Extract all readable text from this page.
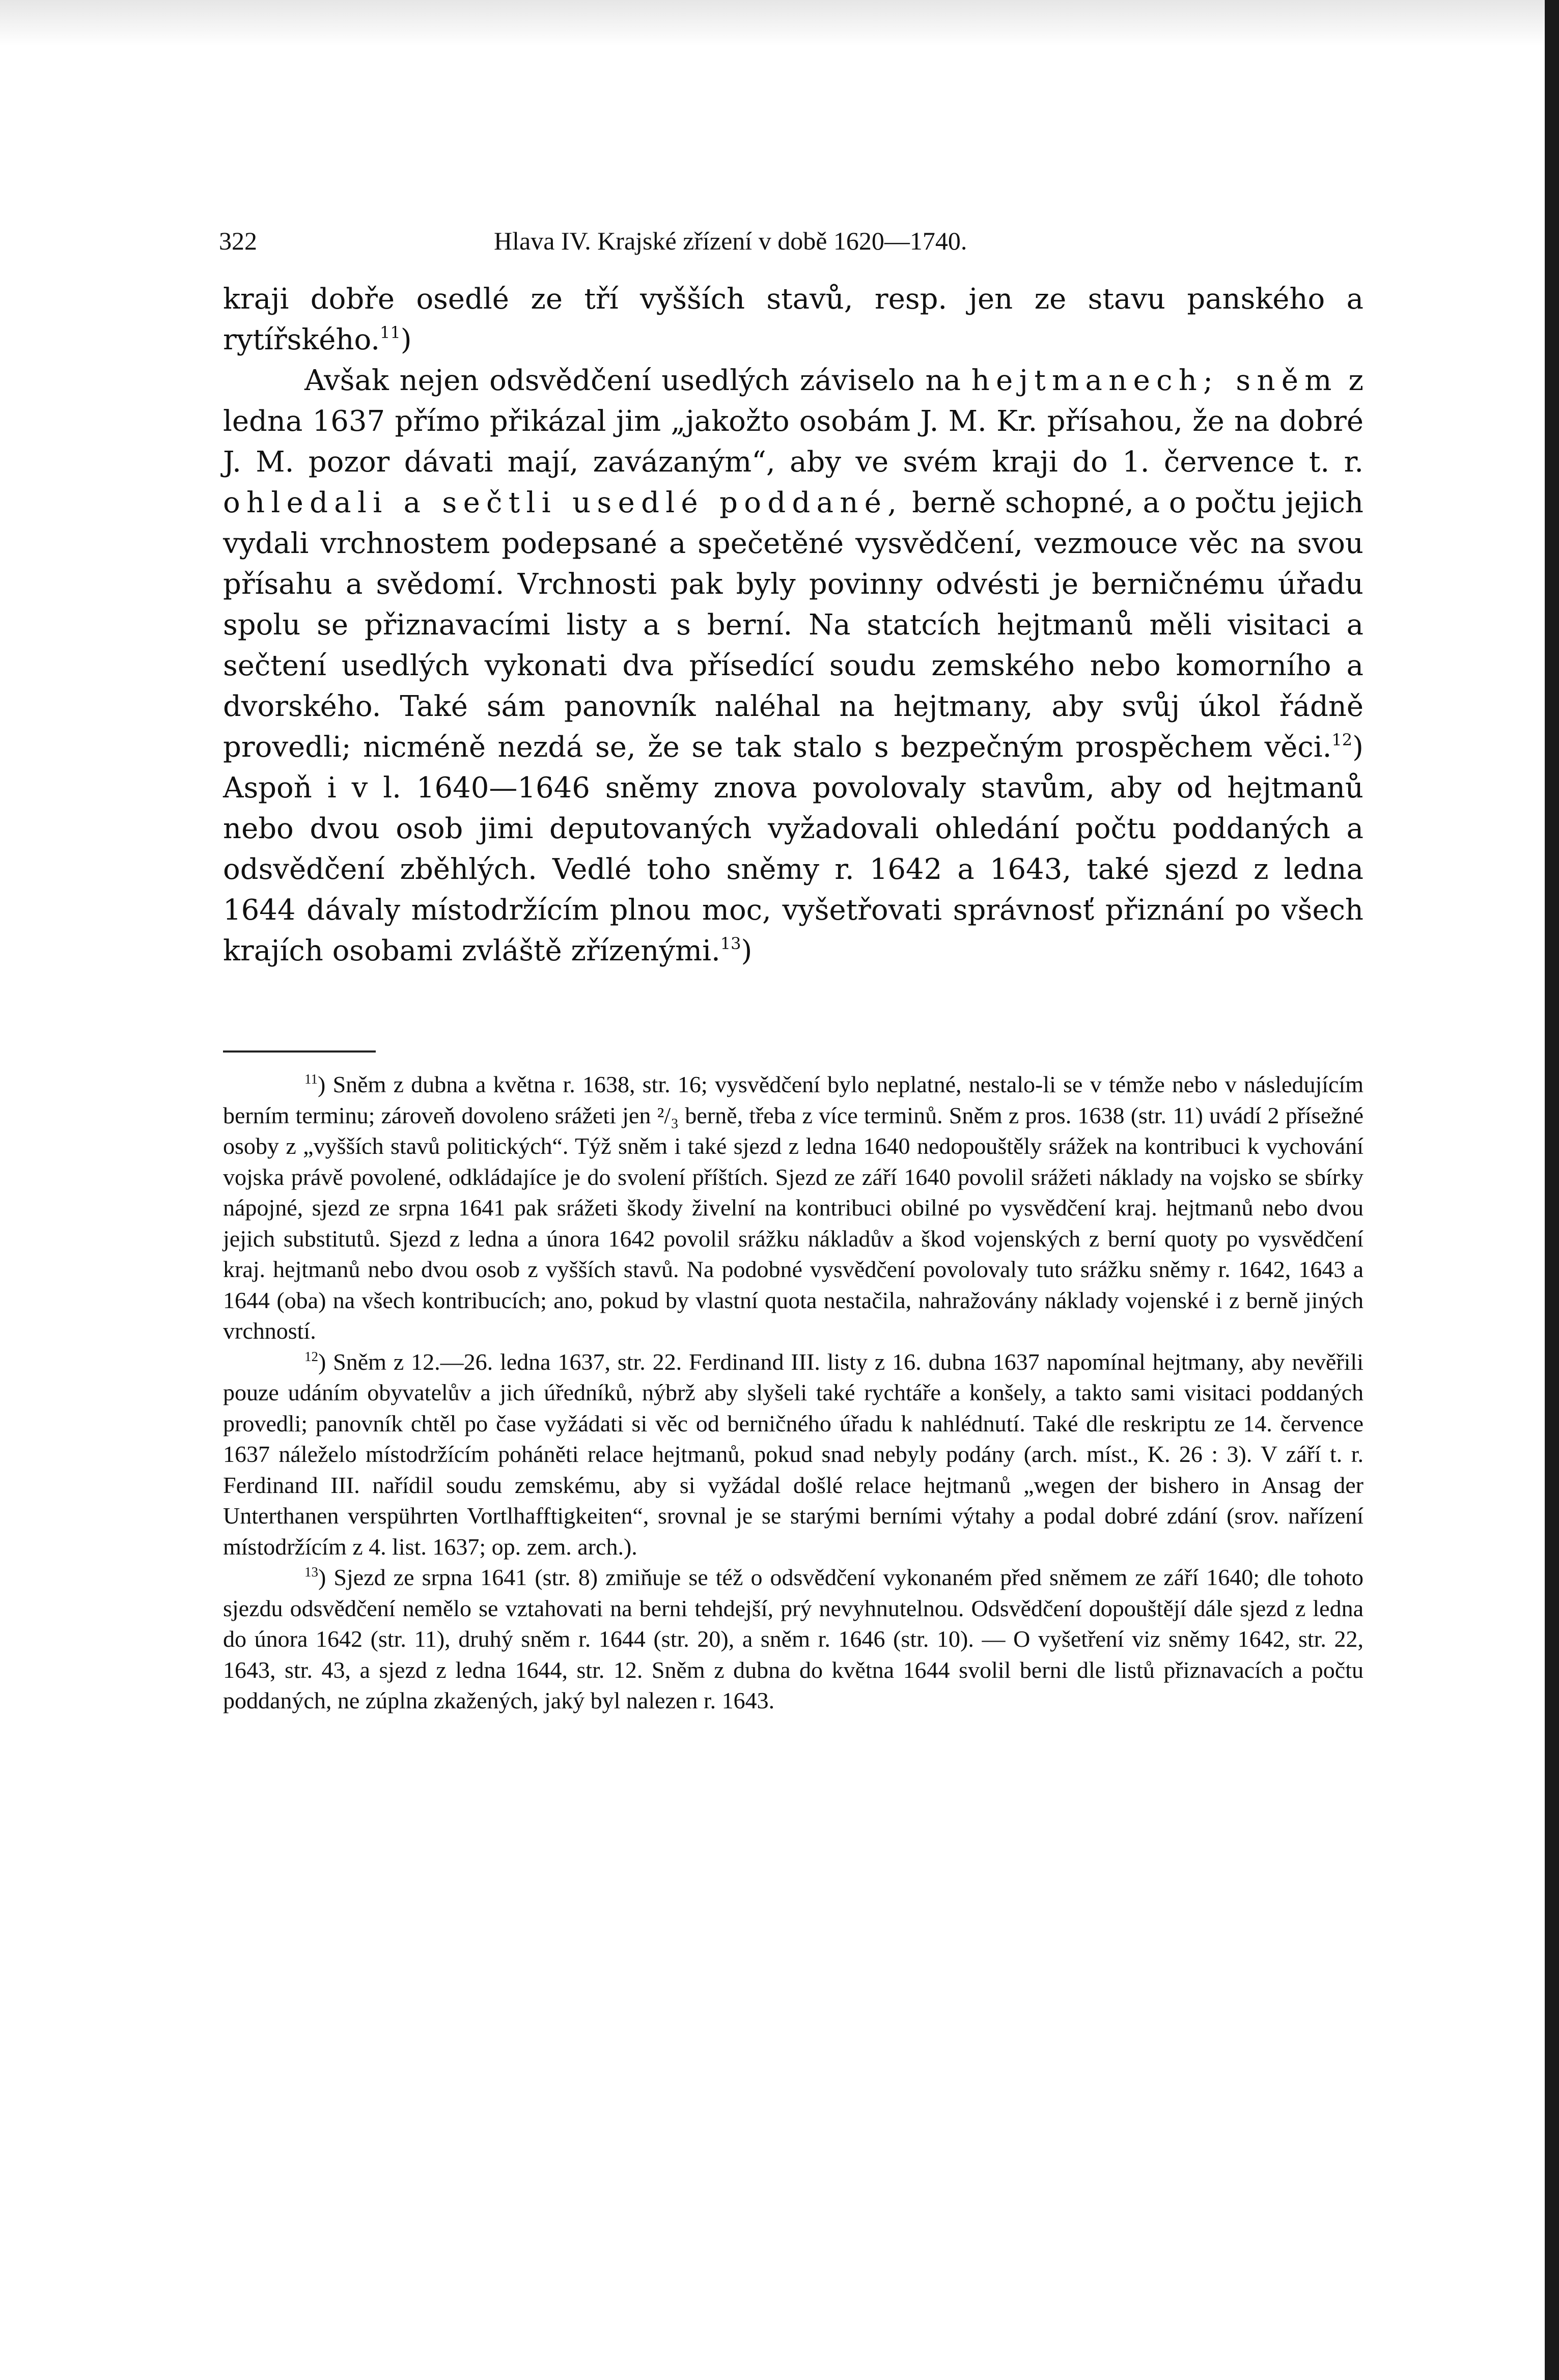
322	Hlava IV. Krajské zřízení v době 1620—1740.

kraji dobře osedlé ze tří vyšších stavů, resp. jen ze stavu panského a rytířského.$^{11}$)

Avšak nejen odsvědčení usedlých záviselo na hejtmanech; sněm z ledna 1637 přímo přikázal jim „jakožto osobám J. M. Kr. přísahou, že na dobré J. M. pozor dávati mají, zavázaným“, aby ve svém kraji do 1. července t. r. ohledali a sečtli usedlé poddané, berně schopné, a o počtu jejich vydali vrchnostem podepsané a spečetěné vysvědčení, vezmouce věc na svou přísahu a svědomí. Vrchnosti pak byly povinny odvésti je berničnému úřadu spolu se přiznavacími listy a s berní. Na statcích hejtmanů měli visitaci a sečtení usedlých vykonati dva přísedící soudu zemského nebo komorního a dvorského. Také sám panovník naléhal na hejtmany, aby svůj úkol řádně provedli; nicméně nezdá se, že se tak stalo s bezpečným prospěchem věci.$^{12}$) Aspoň i v l. 1640—1646 sněmy znova povolovaly stavům, aby od hejtmanů nebo dvou osob jimi deputovaných vyžadovali ohledání počtu poddaných a odsvědčení zběhlých. Vedlé toho sněmy r. 1642 a 1643, také sjezd z ledna 1644 dávaly místodržícím plnou moc, vyšetřovati správnosť přiznání po všech krajích osobami zvláště zřízenými.$^{13}$)

$^{11}$) Sněm z dubna a května r. 1638, str. 16; vysvědčení bylo neplatné, nestalo-li se v témže nebo v následujícím berním terminu; zároveň dovoleno srážeti jen ²/₃ berně, třeba z více terminů. Sněm z pros. 1638 (str. 11) uvádí 2 přísežné osoby z „vyšších stavů politických“. Týž sněm i také sjezd z ledna 1640 nedopouštěly srážek na kontribuci k vychování vojska právě povolené, odkládajíce je do svolení příštích. Sjezd ze září 1640 povolil srážeti náklady na vojsko se sbírky nápojné, sjezd ze srpna 1641 pak srážeti škody živelní na kontribuci obilné po vysvědčení kraj. hejtmanů nebo dvou jejich substitutů. Sjezd z ledna a února 1642 povolil srážku nákladův a škod vojenských z berní quoty po vysvědčení kraj. hejtmanů nebo dvou osob z vyšších stavů. Na podobné vysvědčení povolovaly tuto srážku sněmy r. 1642, 1643 a 1644 (oba) na všech kontribucích; ano, pokud by vlastní quota nestačila, nahražovány náklady vojenské i z berně jiných vrchností.

$^{12}$) Sněm z 12.—26. ledna 1637, str. 22. Ferdinand III. listy z 16. dubna 1637 napomínal hejtmany, aby nevěřili pouze udáním obyvatelův a jich úředníků, nýbrž aby slyšeli také rychtáře a konšely, a takto sami visitaci poddaných provedli; panovník chtěl po čase vyžádati si věc od berničného úřadu k nahlédnutí. Také dle reskriptu ze 14. července 1637 náleželo místodržícím poháněti relace hejtmanů, pokud snad nebyly podány (arch. míst., K. 26 : 3). V září t. r. Ferdinand III. nařídil soudu zemskému, aby si vyžádal došlé relace hejtmanů „wegen der bishero in Ansag der Unterthanen verspührten Vortlhafftigkeiten“, srovnal je se starými berními výtahy a podal dobré zdání (srov. nařízení místodržícím z 4. list. 1637; op. zem. arch.).

$^{13}$) Sjezd ze srpna 1641 (str. 8) zmiňuje se též o odsvědčení vykonaném před sněmem ze září 1640; dle tohoto sjezdu odsvědčení nemělo se vztahovati na berni tehdejší, prý nevyhnutelnou. Odsvědčení dopouštějí dále sjezd z ledna do února 1642 (str. 11), druhý sněm r. 1644 (str. 20), a sněm r. 1646 (str. 10). — O vyšetření viz sněmy 1642, str. 22, 1643, str. 43, a sjezd z ledna 1644, str. 12. Sněm z dubna do května 1644 svolil berni dle listů přiznavacích a počtu poddaných, ne zúplna zkažených, jaký byl nalezen r. 1643.
